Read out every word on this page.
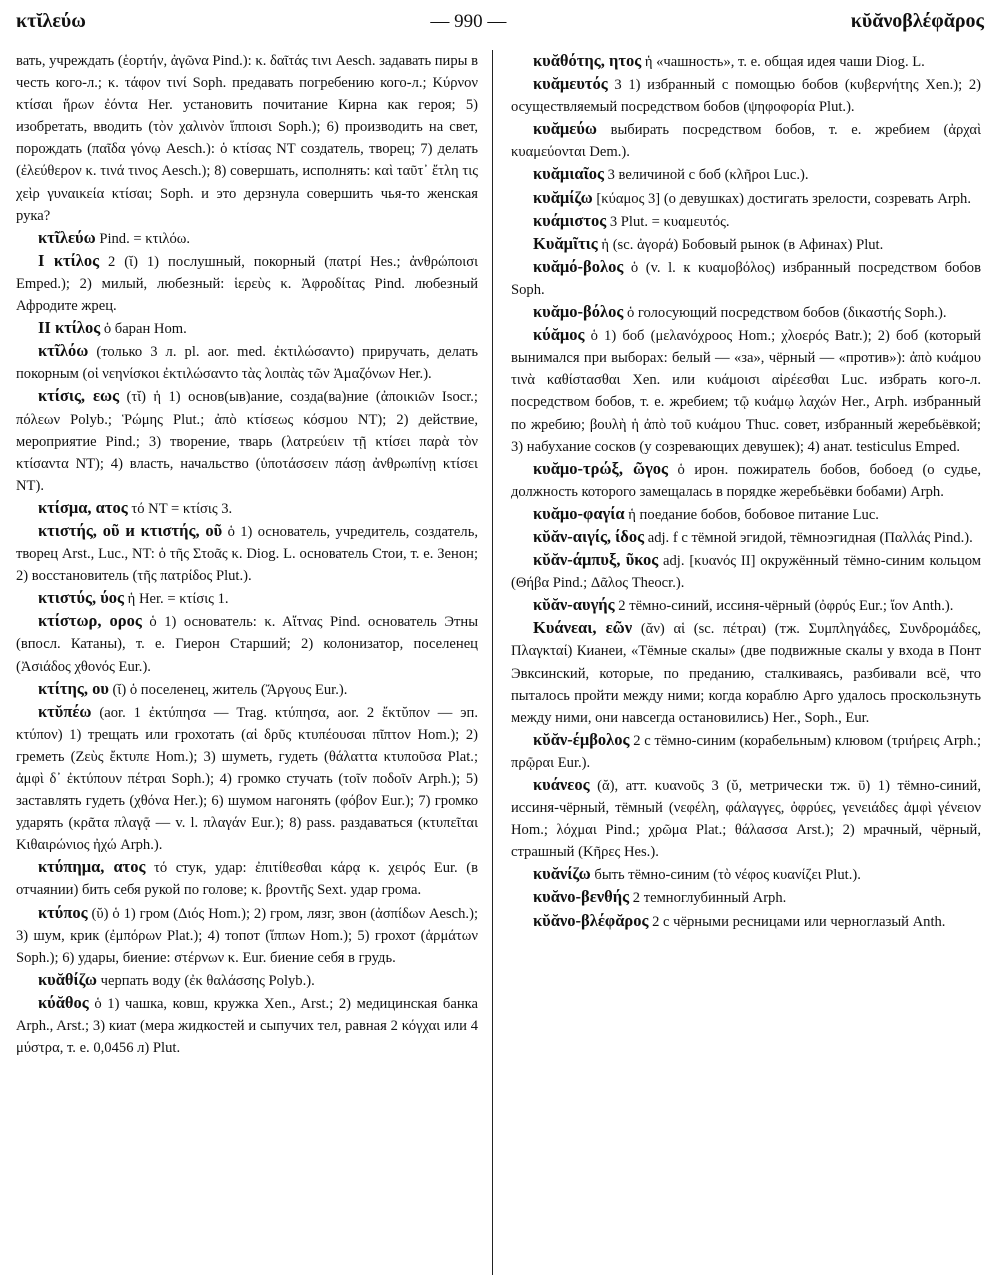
κτῐλεύω	— 990 —	κῠᾰνοβλέφᾰρος

вать, учреждать (ἑορτήν, ἀγῶνα Pind.): κ. δαῖτάς τινι Aesch. задавать пиры в честь кого-л.; κ. τάφον τινί Soph. предавать погребению кого-л.; Κύρνον κτίσαι ἥρων ἐόντα Her. установить почитание Кирна как героя; 5) изобретать, вводить (τὸν χαλινὸν ἵπποισι Soph.); 6) производить на свет, порождать (παῖδα γόνῳ Aesch.): ὁ κτίσας NT создатель, творец; 7) делать (ἐλεύθερον κ. τινά τινος Aesch.); 8) совершать, исполнять: καὶ ταῦτ᾽ ἔτλη τις χεὶρ γυναικεία κτίσαι; Soph. и это дерзнула совершить чья-то женская рука?

κτῖλεύω Pind. = κτιλόω.

I κτίλος 2 (ῐ) 1) послушный, покорный (πατρί Hes.; ἀνθρώποισι Emped.); 2) милый, любезный: ἱερεὺς κ. Ἀφροδίτας Pind. любезный Афродите жрец.

II κτίλος ὁ баран Hom.

κτῖλόω (только 3 л. pl. aor. med. ἐκτιλώσαντο) приручать, делать покорным (οἱ νεηνίσκοι ἐκτιλώσαντο τὰς λοιπὰς τῶν Ἀμαζόνων Her.).

κτίσις, εως (τῐ) ἡ 1) основ(ыв)ание, созда(ва)ние (ἀποικιῶν Isocr.; πόλεων Polyb.; Ῥώμης Plut.; ἀπὸ κτίσεως κόσμου NT); 2) действие, мероприятие Pind.; 3) творение, тварь (λατρεύειν τῇ κτίσει παρὰ τὸν κτίσαντα NT); 4) власть, начальство (ὑποτάσσειν πάσῃ ἀνθρωπίνῃ κτίσει NT).

κτίσμα, ατος τό NT = κτίσις 3.

κτιστής, οῦ и κτιστής, οῦ ὁ 1) основатель, учредитель, создатель, творец Arst., Luc., NT: ὁ τῆς Στοᾶς κ. Diog. L. основатель Стои, т. е. Зенон; 2) восстановитель (τῆς πατρίδος Plut.).

κτιστύς, ύος ἡ Her. = κτίσις 1.

κτίστωρ, ορος ὁ 1) основатель: κ. Αἴτνας Pind. основатель Этны (впосл. Катаны), т. е. Гиерон Старший; 2) колонизатор, поселенец (Ἀσιάδος χθονός Eur.).

κτίτης, ου (ῐ) ὁ поселенец, житель (Ἄργους Eur.).

κτῠπέω (aor. 1 ἐκτύπησα — Trag. κτύπησα, aor. 2 ἔκτῠπον — эп. κτύπον) 1) трещать или грохотать (αἱ δρῦς κτυπέουσαι πῖπτον Hom.); 2) греметь (Ζεὺς ἔκτυπε Hom.); 3) шуметь, гудеть (θάλαττα κτυποῦσα Plat.; ἀμφὶ δ᾽ ἐκτύπουν πέτραι Soph.); 4) громко стучать (τοῖν ποδοῖν Arph.); 5) заставлять гудеть (χθόνα Her.); 6) шумом нагонять (φόβον Eur.); 7) громко ударять (κρᾶτα πλαγᾷ — v. l. πλαγάν Eur.); 8) pass. раздаваться (κτυπεῖται Κιθαιρώνιος ἠχώ Arph.).

κτύπημα, ατος τό стук, удар: ἐπιτίθεσθαι κάρᾳ κ. χειρός Eur. (в отчаянии) бить себя рукой по голове; κ. βροντῆς Sext. удар грома.

κτύπος (ῠ) ὁ 1) гром (Διός Hom.); 2) гром, лязг, звон (ἀσπίδων Aesch.); 3) шум, крик (ἐμπόρων Plat.); 4) топот (ἵππων Hom.); 5) грохот (ἁρμάτων Soph.); 6) удары, биение: στέρνων κ. Eur. биение себя в грудь.

κυᾰθίζω черпать воду (ἐκ θαλάσσης Polyb.).

κύᾰθος ὁ 1) чашка, ковш, кружка Xen., Arst.; 2) медицинская банка Arph., Arst.; 3) киат (мера жидкостей и сыпучих тел, равная 2 κόγχαι или 4 μύστρα, т. е. 0,0456 л) Plut.

κυᾰθότης, ητος ἡ «чашность», т. е. общая идея чаши Diog. L.

κυᾰμευτός 3 1) избранный с помощью бобов (κυβερνήτης Xen.); 2) осуществляемый посредством бобов (ψηφοφορία Plut.).

κυᾰμεύω выбирать посредством бобов, т. е. жребием (ἀρχαὶ κυαμεύονται Dem.).

κυᾰμιαῖος 3 величиной с боб (κλῆροι Luc.).

κυᾰμίζω [κύαμος 3] (о девушках) достигать зрелости, созревать Arph.

κυάμιστος 3 Plut. = κυαμευτός.

Κυᾰμῖτις ἡ (sc. ἀγορά) Бобовый рынок (в Афинах) Plut.

κυᾰμό-βολος ὁ (v. l. к κυαμοβόλος) избранный посредством бобов Soph.

κυᾰμο-βόλος ὁ голосующий посредством бобов (δικαστής Soph.).

κύᾰμος ὁ 1) боб (μελανόχροος Hom.; χλοερός Batr.); 2) боб (который вынимался при выборах: белый — «за», чёрный — «против»): ἀπὸ κυάμου τινὰ καθίστασθαι Xen. или κυάμοισι αἱρέεσθαι Luc. избрать кого-л. посредством бобов, т. е. жребием; τῷ κυάμῳ λαχών Her., Arph. избранный по жребию; βουλὴ ἡ ἀπὸ τοῦ κυάμου Thuc. совет, избранный жеребьёвкой; 3) набухание сосков (у созревающих девушек); 4) анат. testiculus Emped.

κυᾰμο-τρώξ, ῶγος ὁ ирон. пожиратель бобов, бобоед (о судье, должность которого замещалась в порядке жеребьёвки бобами) Arph.

κυᾰμο-φαγία ἡ поедание бобов, бобовое питание Luc.

κῠᾰν-αιγίς, ίδος adj. f с тёмной эгидой, тёмноэгидная (Παλλάς Pind.).

κῠᾰν-άμπυξ, ῦκος adj. [κυανός II] окружённый тёмно-синим кольцом (Θήβα Pind.; Δᾶλος Theocr.).

κῠᾰν-αυγής 2 тёмно-синий, иссиня-чёрный (ὀφρύς Eur.; ἴον Anth.).

Κυάνεαι, εῶν (ᾰν) αἱ (sc. πέτραι) (тж. Συμπληγάδες, Συνδρομάδες, Πλαγκταί) Кианеи, «Тёмные скалы» (две подвижные скалы у входа в Понт Эвксинский, которые, по преданию, сталкиваясь, разбивали всё, что пыталось пройти между ними; когда кораблю Арго удалось проскользнуть между ними, они навсегда остановились) Her., Soph., Eur.

κῠᾰν-έμβολος 2 с тёмно-синим (корабельным) клювом (τριήρεις Arph.; πρῷραι Eur.).

κυάνεος (ᾰ), атт. κυανοῦς 3 (ῠ, метрически тж. ῡ) 1) тёмно-синий, иссиня-чёрный, тёмный (νεφέλη, φάλαγγες, ὀφρύες, γενειάδες ἀμφὶ γένειον Hom.; λόχμαι Pind.; χρῶμα Plat.; θάλασσα Arst.); 2) мрачный, чёрный, страшный (Κῆρες Hes.).

κυᾰνίζω быть тёмно-синим (τὸ νέφος κυανίζει Plut.).

κυᾰνο-βενθής 2 темноглубинный Arph.

κῠᾰνο-βλέφᾰρος 2 с чёрными ресницами или черноглазый Anth.
